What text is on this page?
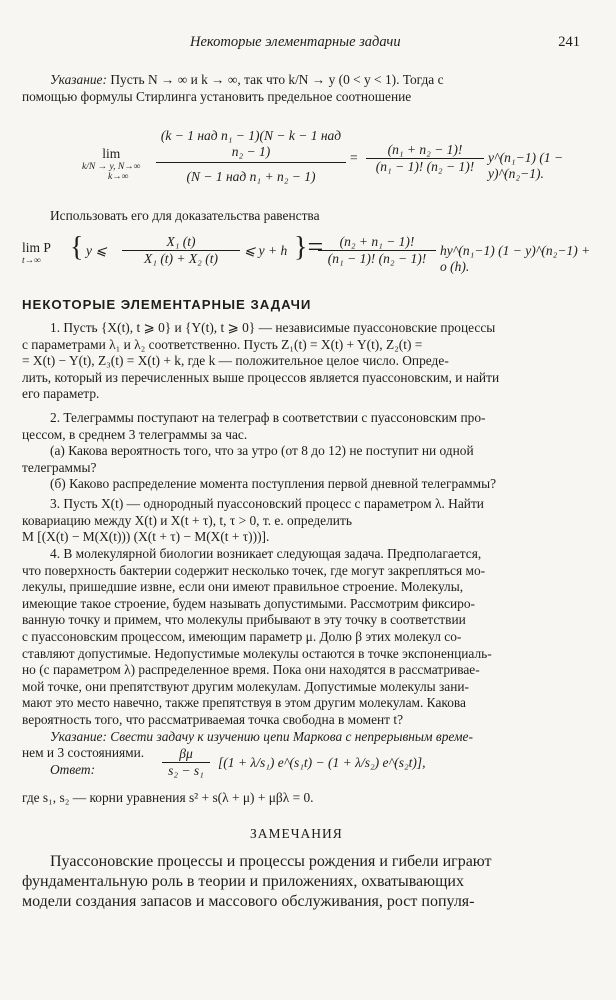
Некоторые элементарные задачи	241
Указание: Пусть N → ∞ и k → ∞, так что k/N → y (0 < y < 1). Тогда с
помощью формулы Стирлинга установить предельное соотношение
lim
k/N → y, N→∞
k→∞
(k − 1 над n₁ − 1)(N − k − 1 над n₂ − 1)
(N − 1 над n₁ + n₂ − 1)
= $\frac{\text{(n₁ + n₂ − 1)!}}{\text{(n₁ − 1)! (n₂ − 1)!}}$ y^(n₁−1) (1 − y)^(n₂−1).
Использовать его для доказательства равенства
lim P
t→∞	{ y ⩽ $\frac{\text{X₁ (t)}}{\text{X₁ (t) + X₂ (t)}}$ ⩽ y + h }=
$\frac{\text{(n₂ + n₁ − 1)!}}{\text{(n₁ − 1)! (n₂ − 1)!}}$ hy^(n₁−1) (1 − y)^(n₂−1) + o (h).
НЕКОТОРЫЕ ЭЛЕМЕНТАРНЫЕ ЗАДАЧИ
1. Пусть {X(t), t ⩾ 0} и {Y(t), t ⩾ 0} — независимые пуассоновские процессы
с параметрами λ₁ и λ₂ соответственно. Пусть Z₁(t) = X(t) + Y(t), Z₂(t) =
= X(t) − Y(t), Z₃(t) = X(t) + k, где k — положительное целое число. Опреде-
лить, который из перечисленных выше процессов является пуассоновским, и найти
его параметр.
2. Телеграммы поступают на телеграф в соответствии с пуассоновским про-
цессом, в среднем 3 телеграммы за час.
(а) Какова вероятность того, что за утро (от 8 до 12) не поступит ни одной
телеграммы?
(б) Каково распределение момента поступления первой дневной телеграммы?
3. Пусть X(t) — однородный пуассоновский процесс с параметром λ. Найти
ковариацию между X(t) и X(t + τ), t, τ > 0, т. е. определить
M [(X(t) − M(X(t))) (X(t + τ) − M(X(t + τ)))].
4. В молекулярной биологии возникает следующая задача. Предполагается,
что поверхность бактерии содержит несколько точек, где могут закрепляться мо-
лекулы, пришедшие извне, если они имеют правильное строение. Молекулы,
имеющие такое строение, будем называть допустимыми. Рассмотрим фиксиро-
ванную точку и примем, что молекулы прибывают в эту точку в соответствии
с пуассоновским процессом, имеющим параметр μ. Долю β этих молекул со-
ставляют допустимые. Недопустимые молекулы остаются в точке экспоненциаль-
но (с параметром λ) распределенное время. Пока они находятся в рассматривае-
мой точке, они препятствуют другим молекулам. Допустимые молекулы зани-
мают это место навечно, также препятствуя в этом другим молекулам. Какова
вероятность того, что рассматриваемая точка свободна в момент t?
Указание: Свести задачу к изучению цепи Маркова с непрерывным време-
нем и 3 состояниями.
Ответ:	$\frac{\beta\mu}{\text{s₂ − s₁}} [(1 + \lambda/s_1)$ e^(s₁t) − (1 + λ/s₂) e^(s₂t)],
где s₁, s₂ — корни уравнения s² + s(λ + μ) + μβλ = 0.
ЗАМЕЧАНИЯ
Пуассоновские процессы и процессы рождения и гибели играют
фундаментальную роль в теории и приложениях, охватывающих
модели создания запасов и массового обслуживания, рост популя-
